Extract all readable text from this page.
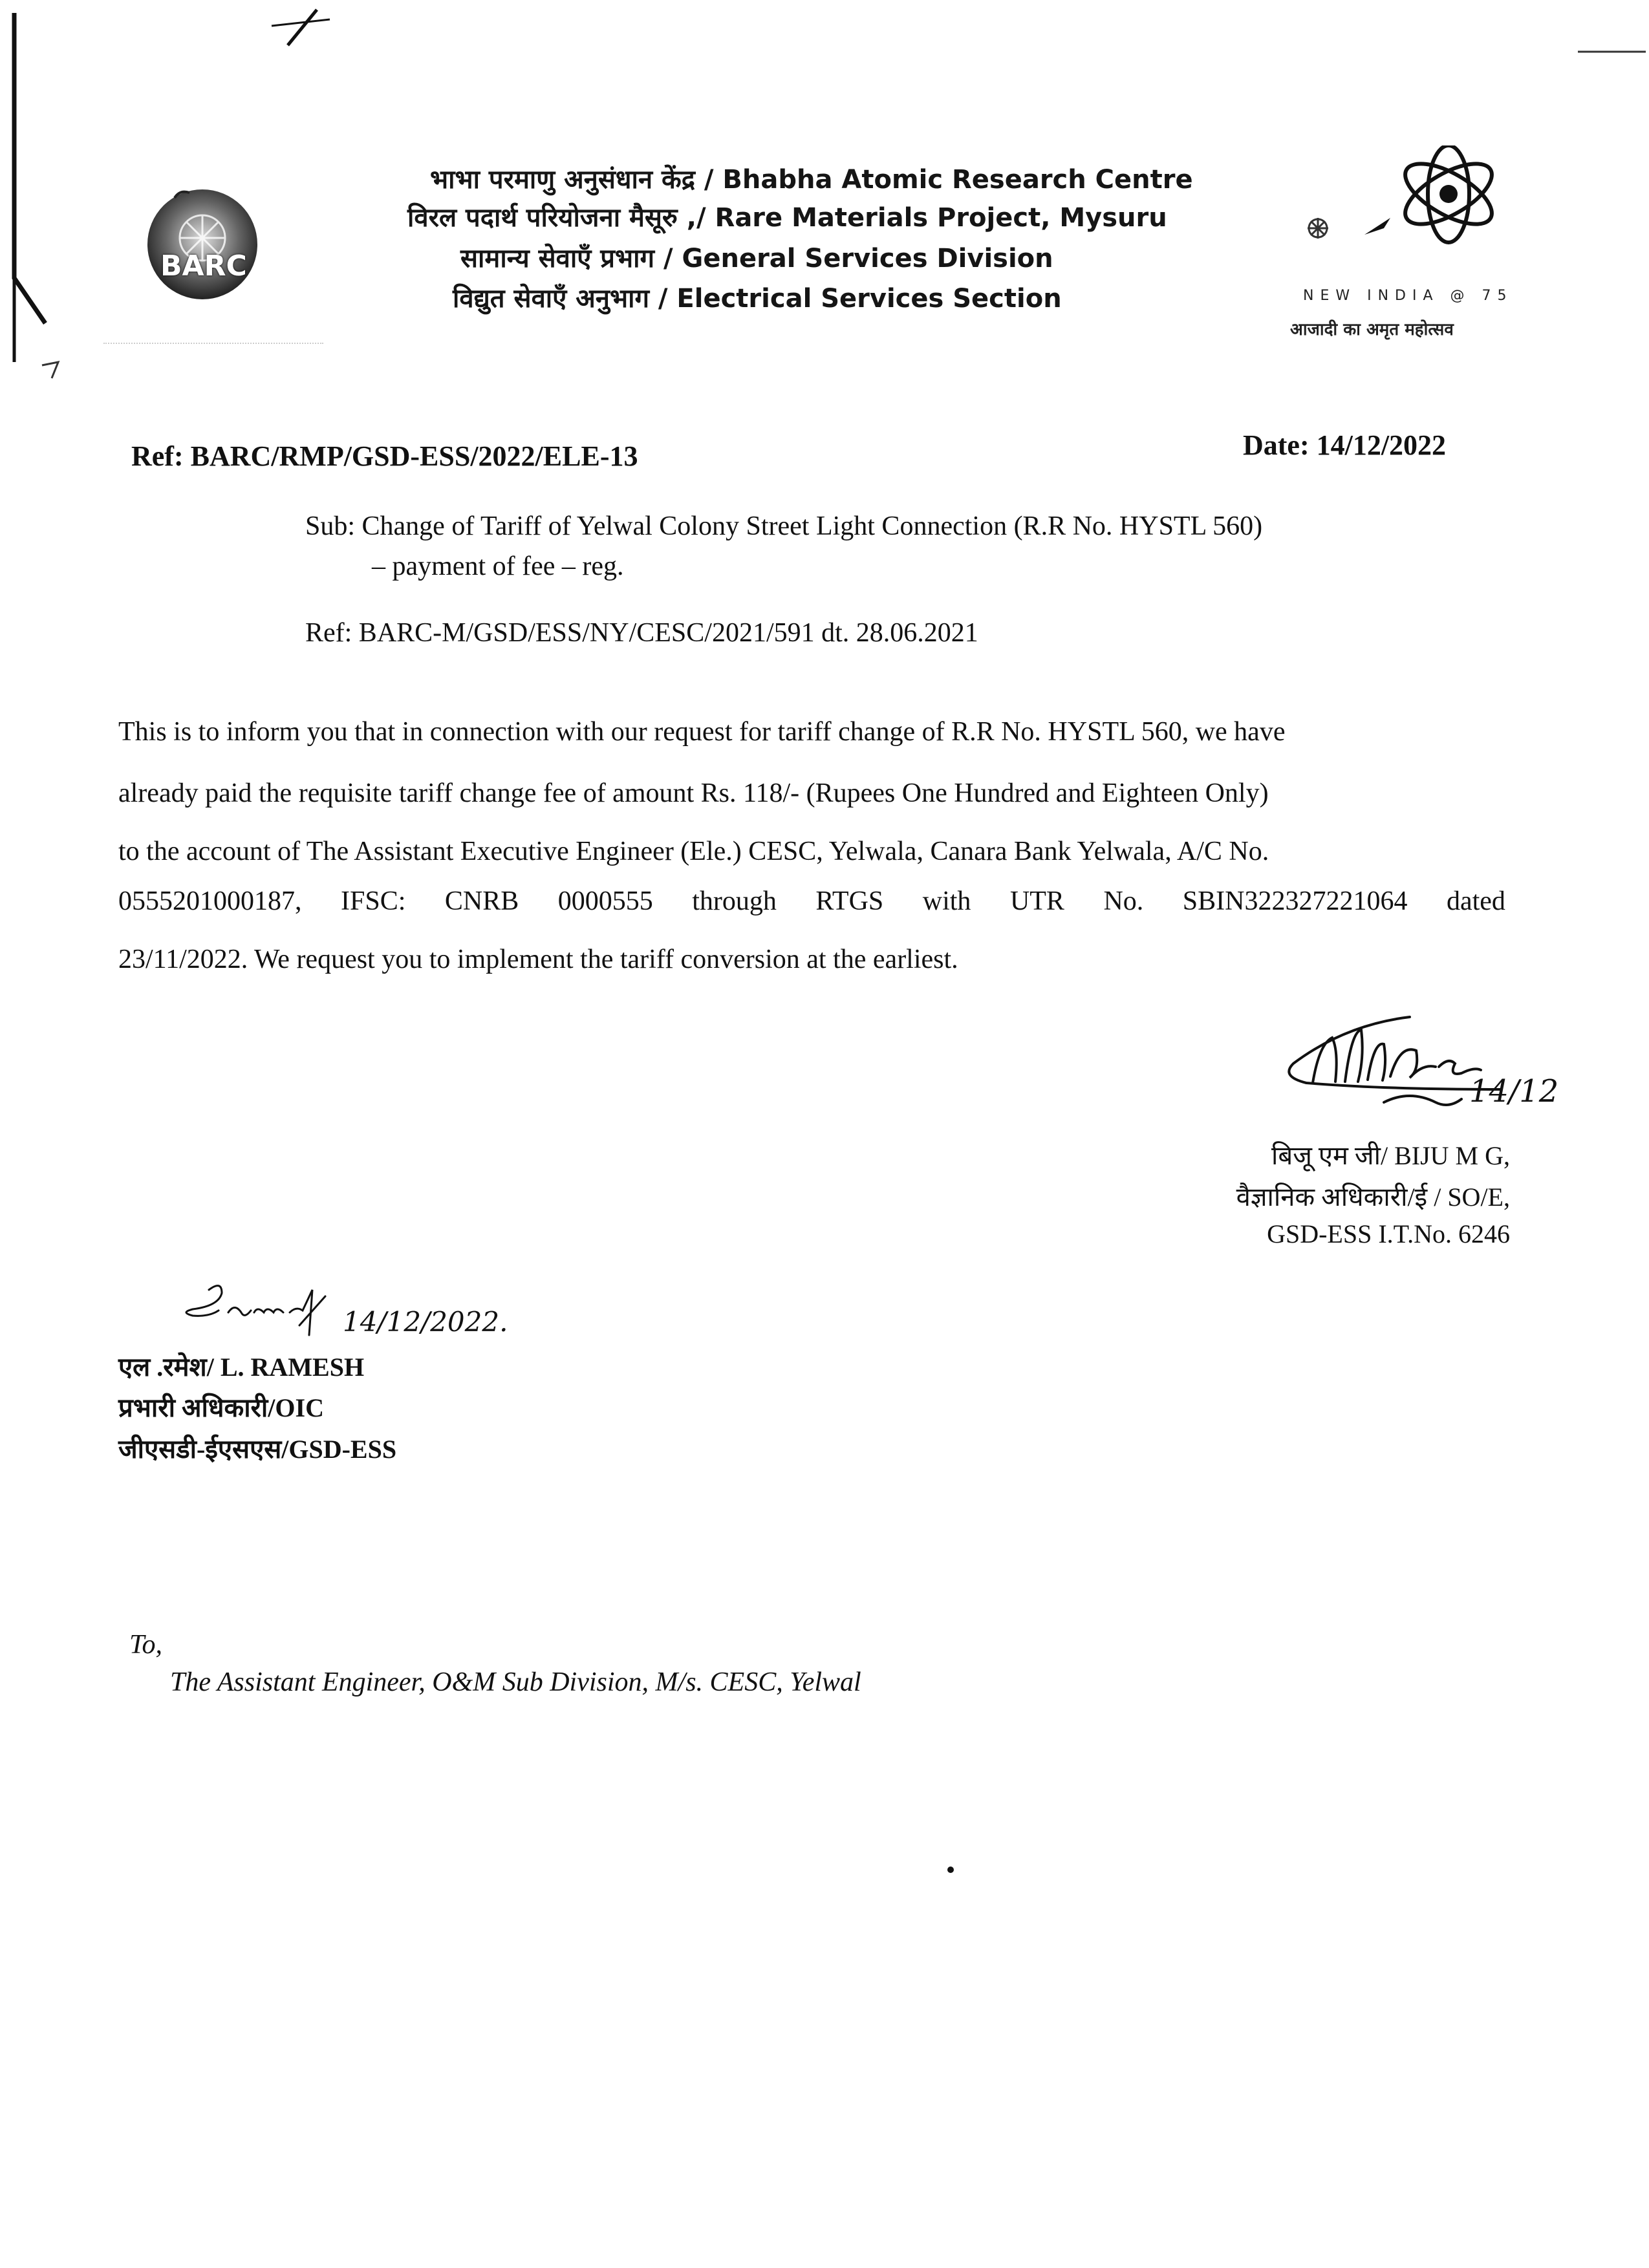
BARC
भाभा परमाणु अनुसंधान केंद्र / Bhabha Atomic Research Centre
विरल पदार्थ परियोजना मैसूरु ,/ Rare Materials Project, Mysuru
सामान्य सेवाएँ प्रभाग / General Services Division
विद्युत सेवाएँ अनुभाग / Electrical Services Section	NEW INDIA @ 75
आजादी का अमृत महोत्सव
Ref: BARC/RMP/GSD-ESS/2022/ELE-13	Date: 14/12/2022
Sub: Change of Tariff of Yelwal Colony Street Light Connection (R.R No. HYSTL 560)
– payment of fee – reg.
Ref: BARC-M/GSD/ESS/NY/CESC/2021/591 dt. 28.06.2021
This is to inform you that in connection with our request for tariff change of R.R No. HYSTL 560, we have
already paid the requisite tariff change fee of amount Rs. 118/- (Rupees One Hundred and Eighteen Only)
to the account of The Assistant Executive Engineer (Ele.) CESC, Yelwala, Canara Bank Yelwala, A/C No.
0555201000187, IFSC: CNRB 0000555 through RTGS with UTR No. SBIN322327221064 dated
23/11/2022. We request you to implement the tariff conversion at the earliest.
14/12
बिजू एम जी/ BIJU M G,
वैज्ञानिक अधिकारी/ई / SO/E,
GSD-ESS I.T.No. 6246
14/12/2022.
एल .रमेश/ L. RAMESH
प्रभारी अधिकारी/OIC
जीएसडी-ईएसएस/GSD-ESS
To,
The Assistant Engineer, O&M Sub Division, M/s. CESC, Yelwal
